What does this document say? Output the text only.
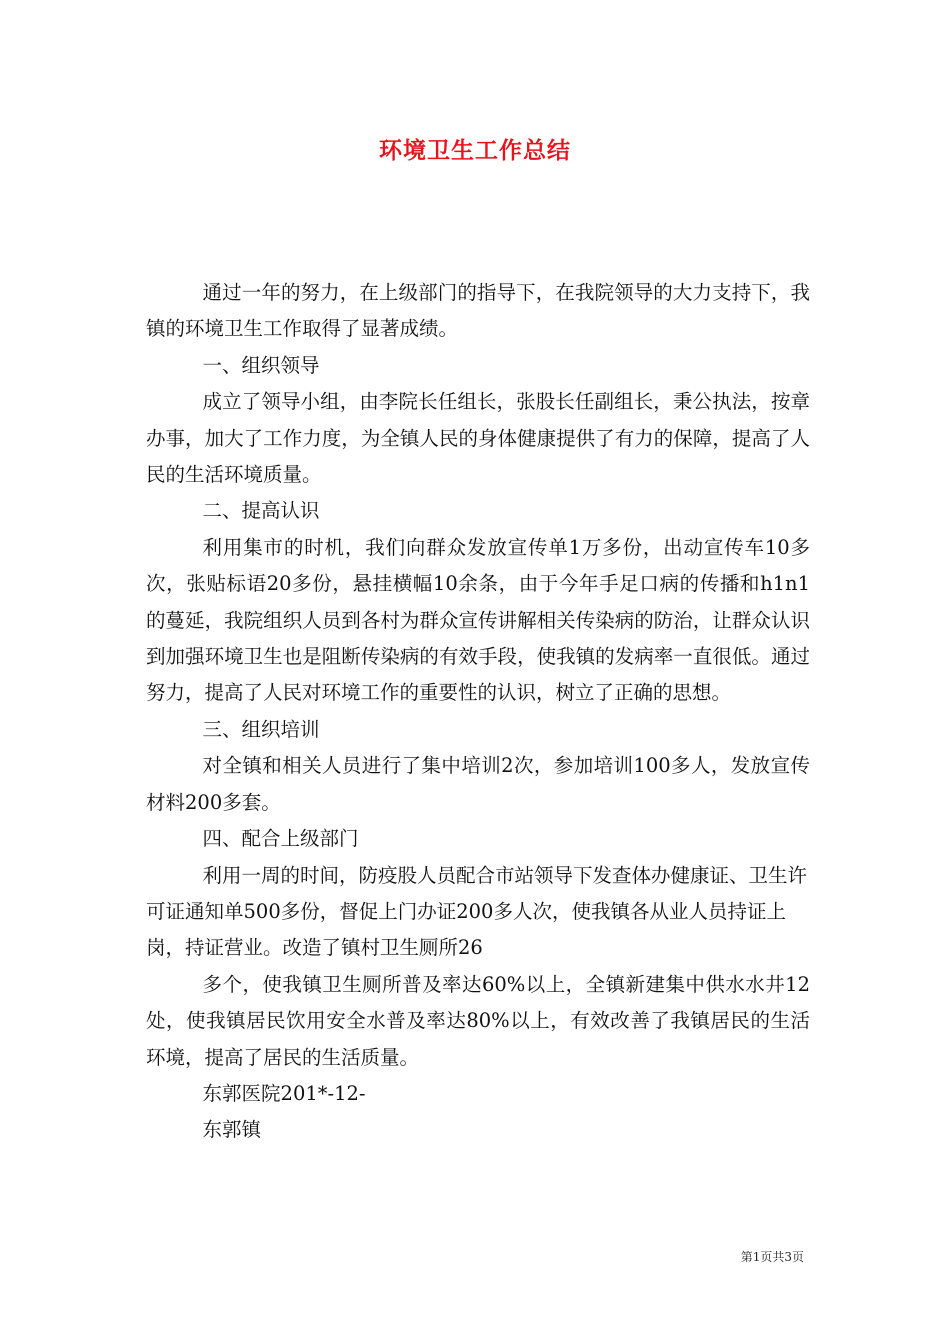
环境卫生工作总结

通过一年的努力，在上级部门的指导下，在我院领导的大力支持下，我镇的环境卫生工作取得了显著成绩。

一、组织领导

成立了领导小组，由李院长任组长，张股长任副组长，秉公执法，按章办事，加大了工作力度，为全镇人民的身体健康提供了有力的保障，提高了人民的生活环境质量。

二、提高认识

利用集市的时机，我们向群众发放宣传单1万多份，出动宣传车10多次，张贴标语20多份，悬挂横幅10余条，由于今年手足口病的传播和h1n1的蔓延，我院组织人员到各村为群众宣传讲解相关传染病的防治，让群众认识到加强环境卫生也是阻断传染病的有效手段，使我镇的发病率一直很低。通过努力，提高了人民对环境工作的重要性的认识，树立了正确的思想。

三、组织培训

对全镇和相关人员进行了集中培训2次，参加培训100多人，发放宣传材料200多套。

四、配合上级部门

利用一周的时间，防疫股人员配合市站领导下发查体办健康证、卫生许可证通知单500多份，督促上门办证200多人次，使我镇各从业人员持证上岗，持证营业。改造了镇村卫生厕所26

多个，使我镇卫生厕所普及率达60%以上，全镇新建集中供水水井12处，使我镇居民饮用安全水普及率达80%以上，有效改善了我镇居民的生活环境，提高了居民的生活质量。

东郭医院201*-12-

东郭镇

第1页共3页
